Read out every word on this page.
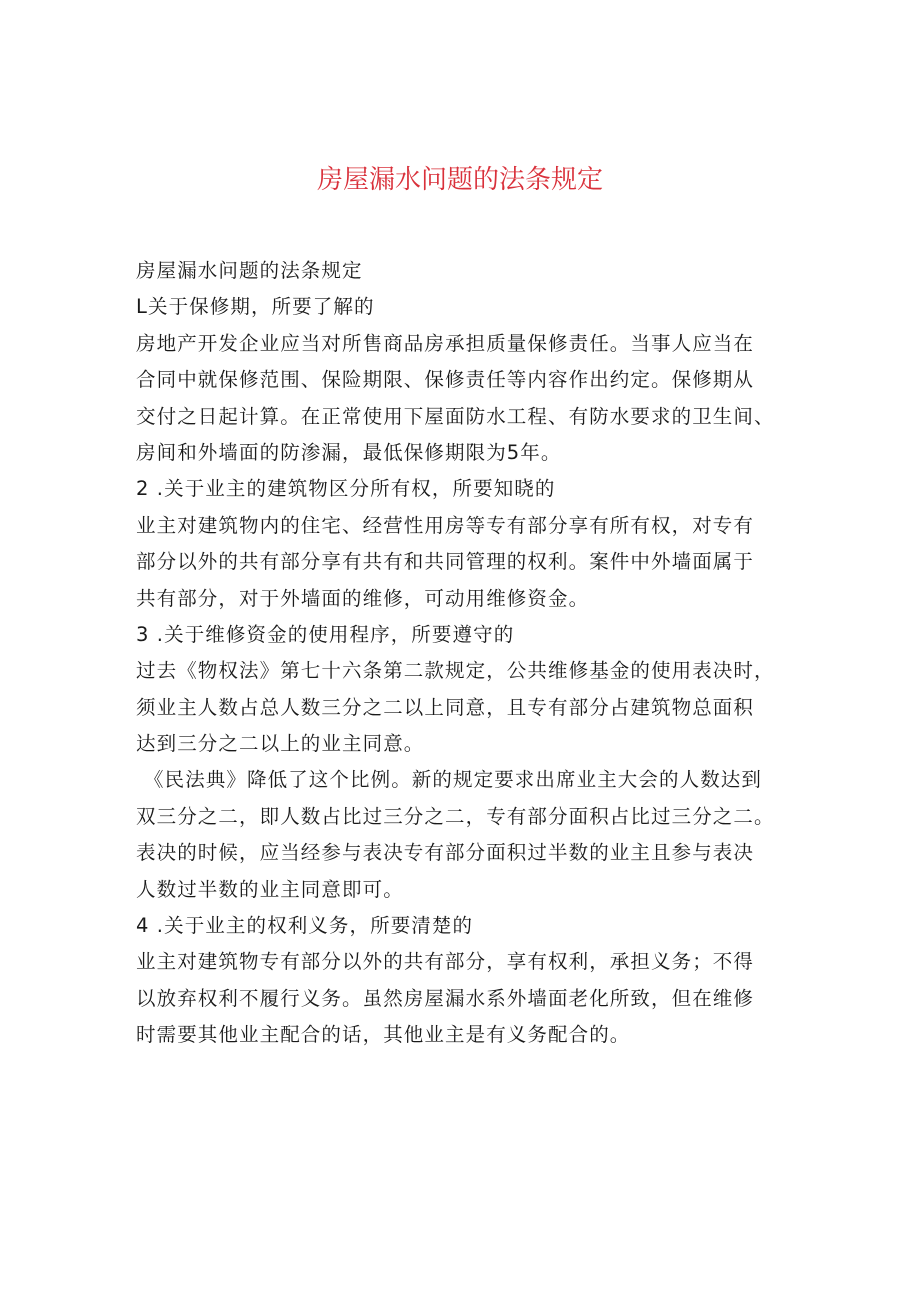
房屋漏水问题的法条规定
房屋漏水问题的法条规定
L关于保修期，所要了解的
房地产开发企业应当对所售商品房承担质量保修责任。当事人应当在
合同中就保修范围、保险期限、保修责任等内容作出约定。保修期从
交付之日起计算。在正常使用下屋面防水工程、有防水要求的卫生间、
房间和外墙面的防渗漏，最低保修期限为5年。
2 .关于业主的建筑物区分所有权，所要知晓的
业主对建筑物内的住宅、经营性用房等专有部分享有所有权，对专有
部分以外的共有部分享有共有和共同管理的权利。案件中外墙面属于
共有部分，对于外墙面的维修，可动用维修资金。
3 .关于维修资金的使用程序，所要遵守的
过去《物权法》第七十六条第二款规定，公共维修基金的使用表决时，
须业主人数占总人数三分之二以上同意，且专有部分占建筑物总面积
达到三分之二以上的业主同意。
《民法典》降低了这个比例。新的规定要求出席业主大会的人数达到
双三分之二，即人数占比过三分之二，专有部分面积占比过三分之二。
表决的时候，应当经参与表决专有部分面积过半数的业主且参与表决
人数过半数的业主同意即可。
4 .关于业主的权利义务，所要清楚的
业主对建筑物专有部分以外的共有部分，享有权利，承担义务；不得
以放弃权利不履行义务。虽然房屋漏水系外墙面老化所致，但在维修
时需要其他业主配合的话，其他业主是有义务配合的。
